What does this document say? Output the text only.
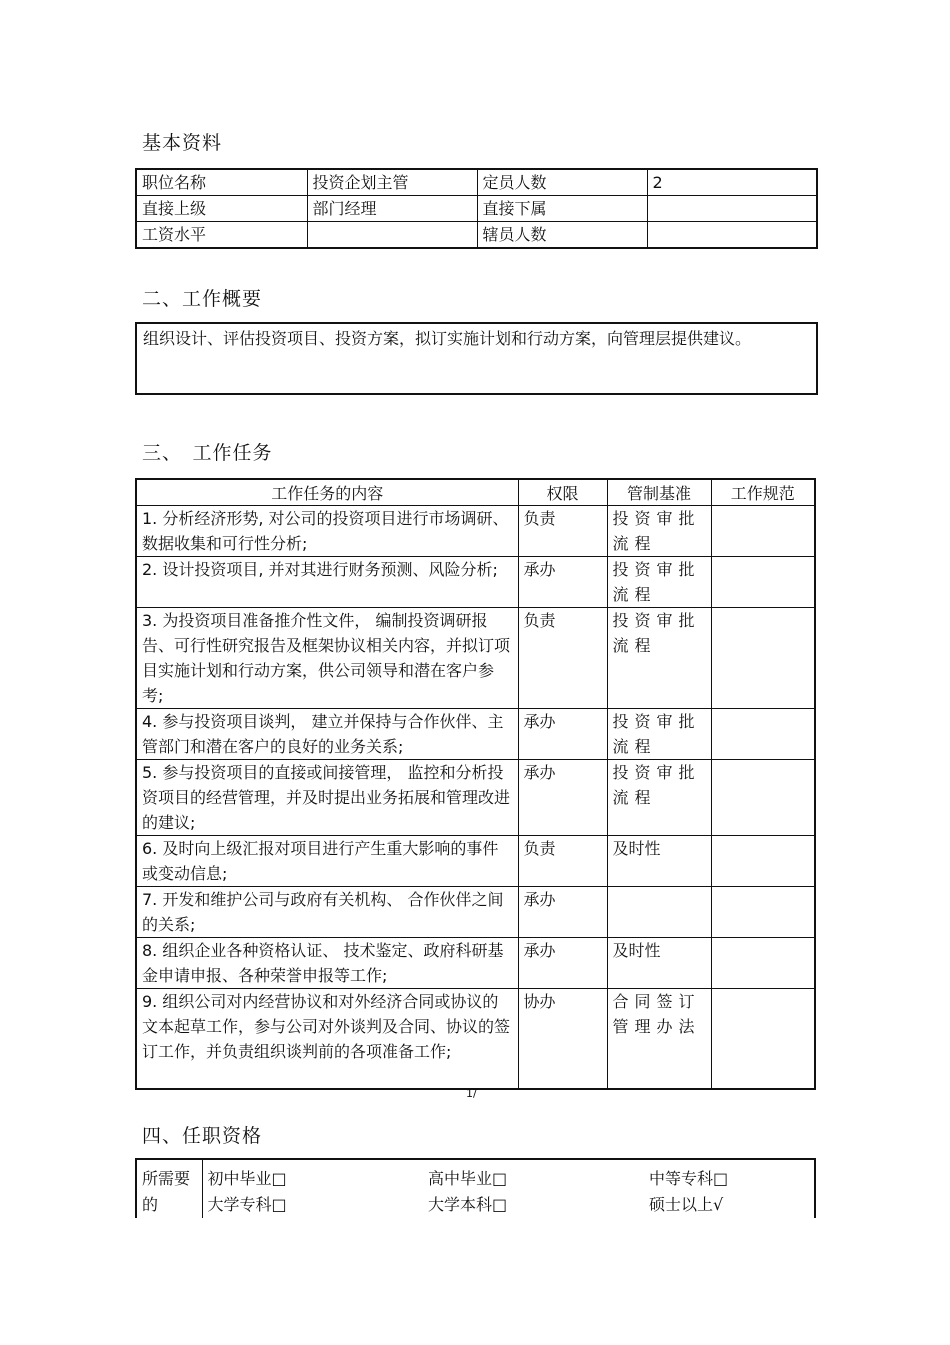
基本资料
职位名称	投资企划主管	定员人数	2
直接上级	部门经理	直接下属	
工资水平		辖员人数	
二、工作概要
组织设计、评估投资项目、投资方案，拟订实施计划和行动方案，向管理层提供建议。
三、　工作任务
工作任务的内容	权限	管制基准	工作规范
1. 分析经济形势, 对公司的投资项目进行市场调研、数据收集和可行性分析;	负责	投资审批流程	
2. 设计投资项目, 并对其进行财务预测、风险分析;	承办	投资审批流程	
3. 为投资项目准备推介性文件， 编制投资调研报告、可行性研究报告及框架协议相关内容，并拟订项目实施计划和行动方案，供公司领导和潜在客户参考;	负责	投资审批流程	
4. 参与投资项目谈判， 建立并保持与合作伙伴、主管部门和潜在客户的良好的业务关系;	承办	投资审批流程	
5. 参与投资项目的直接或间接管理， 监控和分析投资项目的经营管理，并及时提出业务拓展和管理改进的建议;	承办	投资审批流程	
6. 及时向上级汇报对项目进行产生重大影响的事件或变动信息;	负责	及时性	
7. 开发和维护公司与政府有关机构、 合作伙伴之间的关系;	承办		
8. 组织企业各种资格认证、 技术鉴定、政府科研基金申请申报、各种荣誉申报等工作;	承办	及时性	
9. 组织公司对内经营协议和对外经济合同或协议的文本起草工作，参与公司对外谈判及合同、协议的签订工作，并负责组织谈判前的各项准备工作;	协办	合同签订管理办法	
1/
四、任职资格
所需要的	初中毕业□	高中毕业□	中等专科□
	大学专科□	大学本科□	硕士以上√
